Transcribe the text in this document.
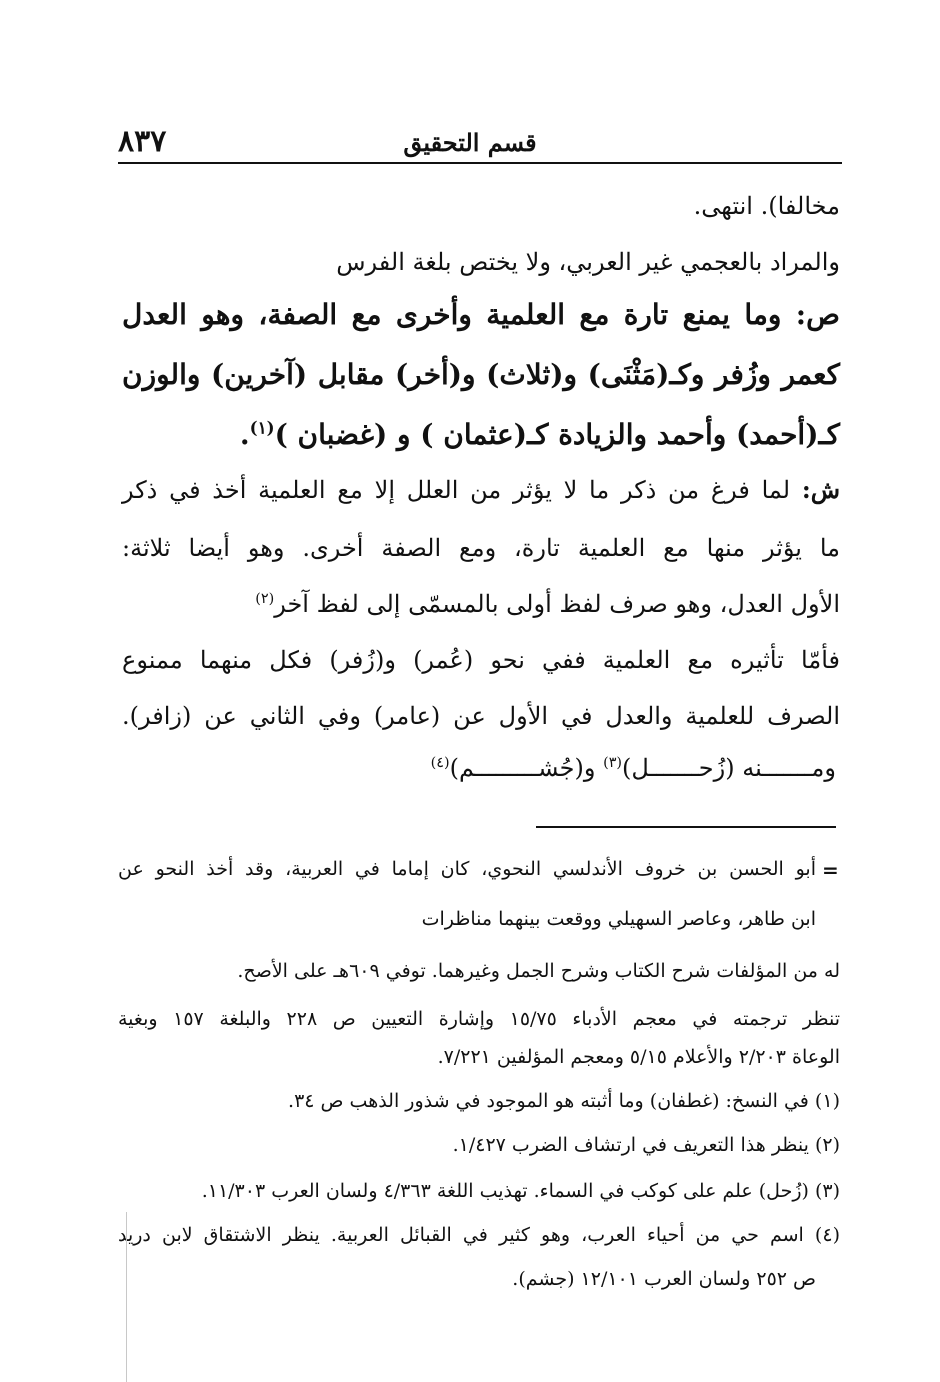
٨٣٧	قسم التحقيق
مخالفا). انتهى.
والمراد بالعجمي غير العربي، ولا يختص بلغة الفرس
ص: وما يمنع تارة مع العلمية وأخرى مع الصفة، وهو العدل
كعمر وزُفر وكـ(مَثْنَى) و(ثلاث) و(أخر) مقابل (آخرين) والوزن
كـ(أحمد) وأحمد والزيادة كـ(عثمان ) و (غضبان )$^{(١)}$.
ش: لما فرغ من ذكر ما لا يؤثر من العلل إلا مع العلمية أخذ في ذكر
ما يؤثر منها مع العلمية تارة، ومع الصفة أخرى. وهو أيضا ثلاثة:
الأول العدل، وهو صرف لفظ أولى بالمسمّى إلى لفظ آخر$^{(٢)}$
فأمّا تأثيره مع العلمية ففي نحو (عُمر) و(زُفر) فكل منهما ممنوع
الصرف للعلمية والعدل في الأول عن (عامر) وفي الثاني عن (زافر).
ومـــــــنه (زُحـــــــل)$^{(٣)}$ و(جُشـــــــــم)$^{(٤)}$
=
أبو الحسن بن خروف الأندلسي النحوي، كان إماما في العربية، وقد أخذ النحو عن
ابن طاهر، وعاصر السهيلي ووقعت بينهما مناظرات
له من المؤلفات شرح الكتاب وشرح الجمل وغيرهما. توفي ٦٠٩هـ على الأصح.
تنظر ترجمته في معجم الأدباء ١٥/٧٥ وإشارة التعيين ص ٢٢٨ والبلغة ١٥٧ وبغية
الوعاة ٢/٢٠٣ والأعلام ٥/١٥ ومعجم المؤلفين ٧/٢٢١.
(١) في النسخ: (غطفان) وما أثبته هو الموجود في شذور الذهب ص ٣٤.
(٢) ينظر هذا التعريف في ارتشاف الضرب ١/٤٢٧.
(٣) (زُحل) علم على كوكب في السماء. تهذيب اللغة ٤/٣٦٣ ولسان العرب ١١/٣٠٣.
(٤) اسم حي من أحياء العرب، وهو كثير في القبائل العربية. ينظر الاشتقاق لابن دريد
ص ٢٥٢ ولسان العرب ١٢/١٠١ (جشم).
